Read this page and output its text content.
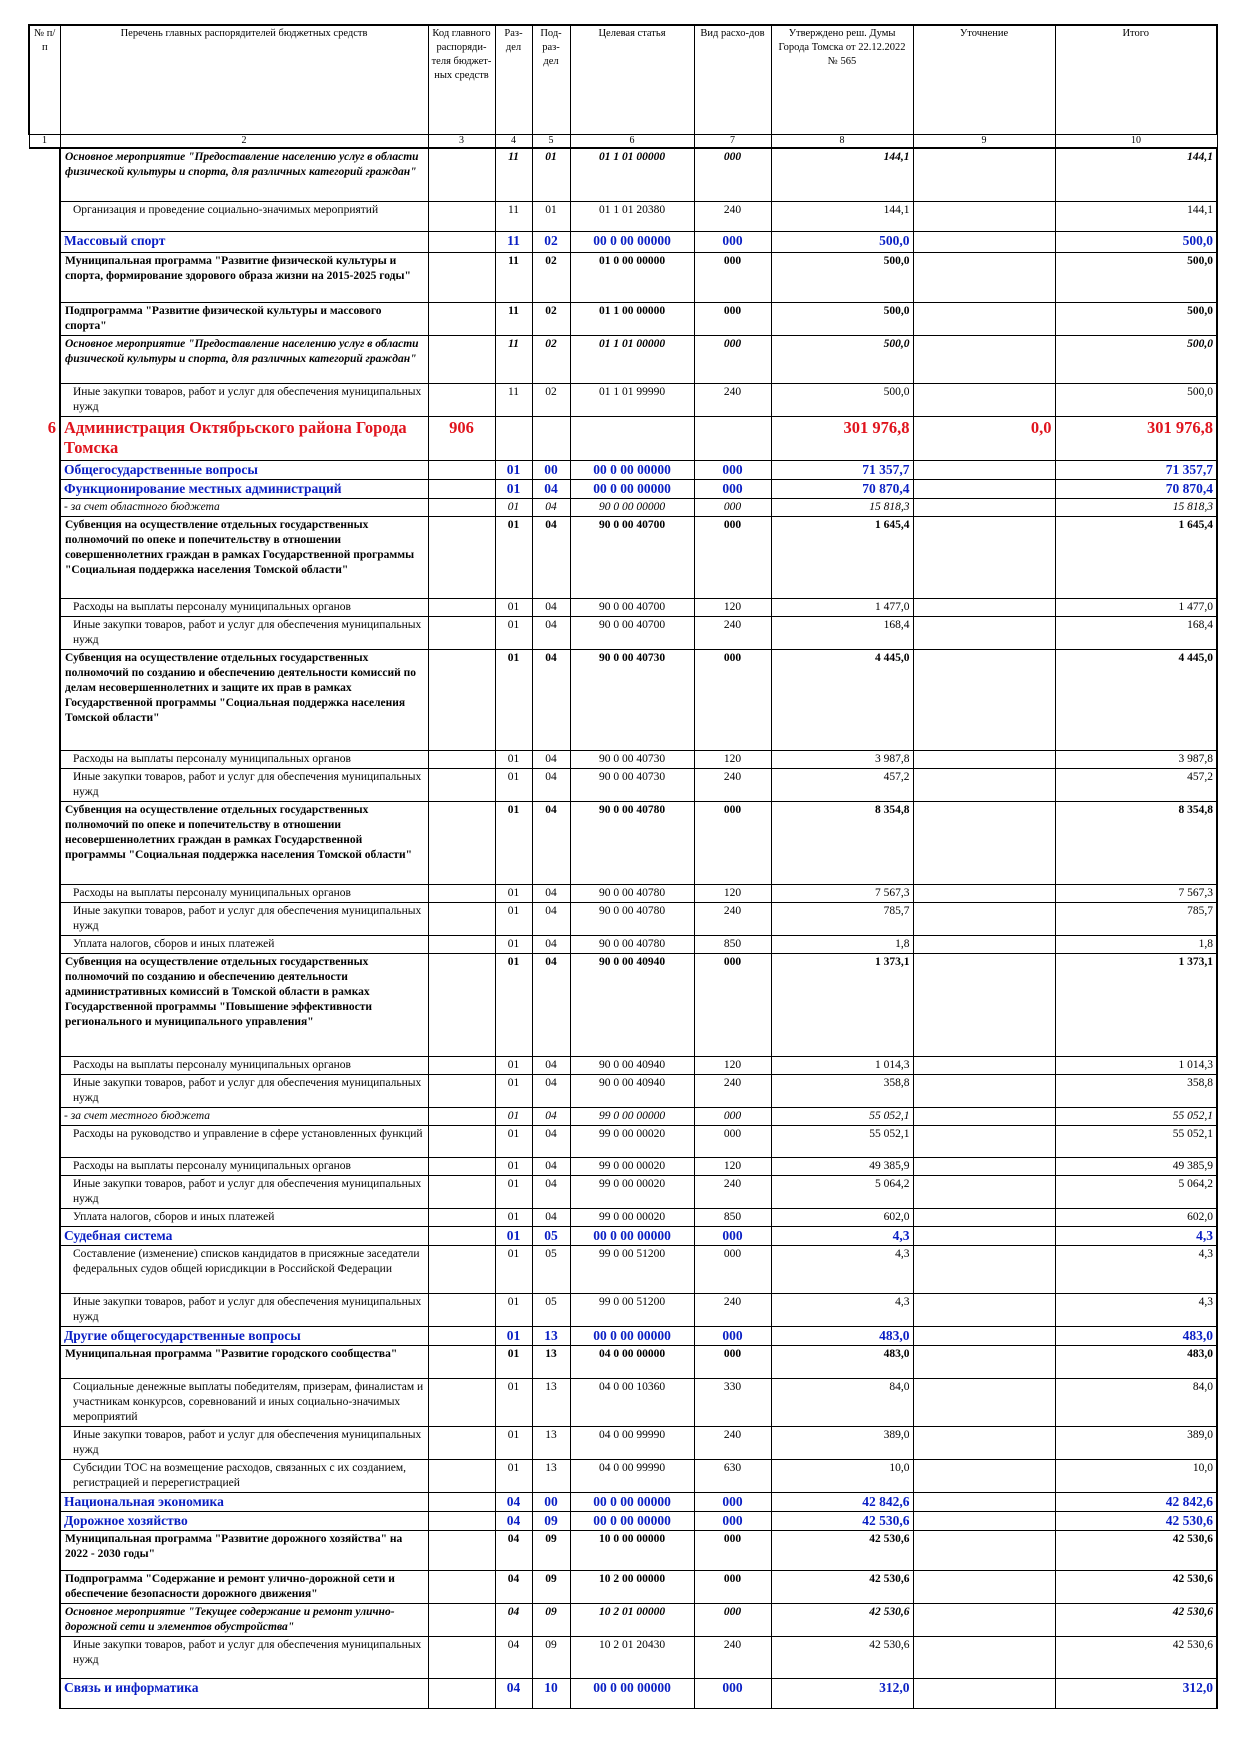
№ п/п	Перечень главных распорядителей бюджетных средств	Код главного распоряди-теля бюджет-ных средств	Раз-дел	Под-раз-дел	Целевая статья	Вид расхо-дов	Утверждено реш. Думы Города Томска от 22.12.2022 № 565	Уточнение	Итого
1	2	3	4	5	6	7	8	9	10
	Основное мероприятие "Предоставление населению услуг в области физической культуры и спорта, для различных категорий граждан"		11	01	01 1 01 00000	000	144,1		144,1
	Организация и проведение социально-значимых мероприятий		11	01	01 1 01 20380	240	144,1		144,1
	Массовый спорт		11	02	00 0 00 00000	000	500,0		500,0
	Муниципальная программа "Развитие физической культуры и спорта, формирование здорового образа жизни на 2015-2025 годы"		11	02	01 0 00 00000	000	500,0		500,0
	Подпрограмма "Развитие физической культуры и массового спорта"		11	02	01 1 00 00000	000	500,0		500,0
	Основное мероприятие "Предоставление населению услуг в области физической культуры и спорта, для различных категорий граждан"		11	02	01 1 01 00000	000	500,0		500,0
	Иные закупки товаров, работ и услуг для обеспечения муниципальных нужд		11	02	01 1 01 99990	240	500,0		500,0
6	Администрация Октябрьского района Города Томска	906					301 976,8	0,0	301 976,8
	Общегосударственные вопросы		01	00	00 0 00 00000	000	71 357,7		71 357,7
	Функционирование местных администраций		01	04	00 0 00 00000	000	70 870,4		70 870,4
	- за счет областного бюджета		01	04	90 0 00 00000	000	15 818,3		15 818,3
	Субвенция на осуществление отдельных государственных полномочий по опеке и попечительству в отношении совершеннолетних граждан в рамках Государственной программы "Социальная поддержка населения Томской области"		01	04	90 0 00 40700	000	1 645,4		1 645,4
	Расходы на выплаты персоналу муниципальных органов		01	04	90 0 00 40700	120	1 477,0		1 477,0
	Иные закупки товаров, работ и услуг для обеспечения муниципальных нужд		01	04	90 0 00 40700	240	168,4		168,4
	Субвенция на осуществление отдельных государственных полномочий по созданию и обеспечению деятельности комиссий по делам несовершеннолетних и защите их прав в рамках Государственной программы "Социальная поддержка населения Томской области"		01	04	90 0 00 40730	000	4 445,0		4 445,0
	Расходы на выплаты персоналу муниципальных органов		01	04	90 0 00 40730	120	3 987,8		3 987,8
	Иные закупки товаров, работ и услуг для обеспечения муниципальных нужд		01	04	90 0 00 40730	240	457,2		457,2
	Субвенция на осуществление отдельных государственных полномочий по опеке и попечительству в отношении несовершеннолетних граждан в рамках Государственной программы "Социальная поддержка населения Томской области"		01	04	90 0 00 40780	000	8 354,8		8 354,8
	Расходы на выплаты персоналу муниципальных органов		01	04	90 0 00 40780	120	7 567,3		7 567,3
	Иные закупки товаров, работ и услуг для обеспечения муниципальных нужд		01	04	90 0 00 40780	240	785,7		785,7
	Уплата налогов, сборов и иных платежей		01	04	90 0 00 40780	850	1,8		1,8
	Субвенция на осуществление отдельных государственных полномочий по созданию и обеспечению деятельности административных комиссий в Томской области в рамках Государственной программы "Повышение эффективности регионального и муниципального управления"		01	04	90 0 00 40940	000	1 373,1		1 373,1
	Расходы на выплаты персоналу муниципальных органов		01	04	90 0 00 40940	120	1 014,3		1 014,3
	Иные закупки товаров, работ и услуг для обеспечения муниципальных нужд		01	04	90 0 00 40940	240	358,8		358,8
	- за счет местного бюджета		01	04	99 0 00 00000	000	55 052,1		55 052,1
	Расходы на руководство и управление в сфере установленных функций		01	04	99 0 00 00020	000	55 052,1		55 052,1
	Расходы на выплаты персоналу муниципальных органов		01	04	99 0 00 00020	120	49 385,9		49 385,9
	Иные закупки товаров, работ и услуг для обеспечения муниципальных нужд		01	04	99 0 00 00020	240	5 064,2		5 064,2
	Уплата налогов, сборов и иных платежей		01	04	99 0 00 00020	850	602,0		602,0
	Судебная система		01	05	00 0 00 00000	000	4,3		4,3
	Составление (изменение) списков кандидатов в присяжные заседатели федеральных судов общей юрисдикции в Российской Федерации		01	05	99 0 00 51200	000	4,3		4,3
	Иные закупки товаров, работ и услуг для обеспечения муниципальных нужд		01	05	99 0 00 51200	240	4,3		4,3
	Другие общегосударственные вопросы		01	13	00 0 00 00000	000	483,0		483,0
	Муниципальная программа "Развитие городского сообщества"		01	13	04 0 00 00000	000	483,0		483,0
	Социальные денежные выплаты победителям, призерам, финалистам и участникам конкурсов, соревнований и иных социально-значимых мероприятий		01	13	04 0 00 10360	330	84,0		84,0
	Иные закупки товаров, работ и услуг для обеспечения муниципальных нужд		01	13	04 0 00 99990	240	389,0		389,0
	Субсидии ТОС на возмещение расходов, связанных с их созданием, регистрацией и перерегистрацией		01	13	04 0 00 99990	630	10,0		10,0
	Национальная экономика		04	00	00 0 00 00000	000	42 842,6		42 842,6
	Дорожное хозяйство		04	09	00 0 00 00000	000	42 530,6		42 530,6
	Муниципальная программа "Развитие дорожного хозяйства" на 2022 - 2030 годы"		04	09	10 0 00 00000	000	42 530,6		42 530,6
	Подпрограмма "Содержание и ремонт улично-дорожной сети и обеспечение безопасности дорожного движения"		04	09	10 2 00 00000	000	42 530,6		42 530,6
	Основное мероприятие "Текущее содержание и ремонт улично-дорожной сети и элементов обустройства"		04	09	10 2 01 00000	000	42 530,6		42 530,6
	Иные закупки товаров, работ и услуг для обеспечения муниципальных нужд		04	09	10 2 01 20430	240	42 530,6		42 530,6
	Связь и информатика		04	10	00 0 00 00000	000	312,0		312,0
